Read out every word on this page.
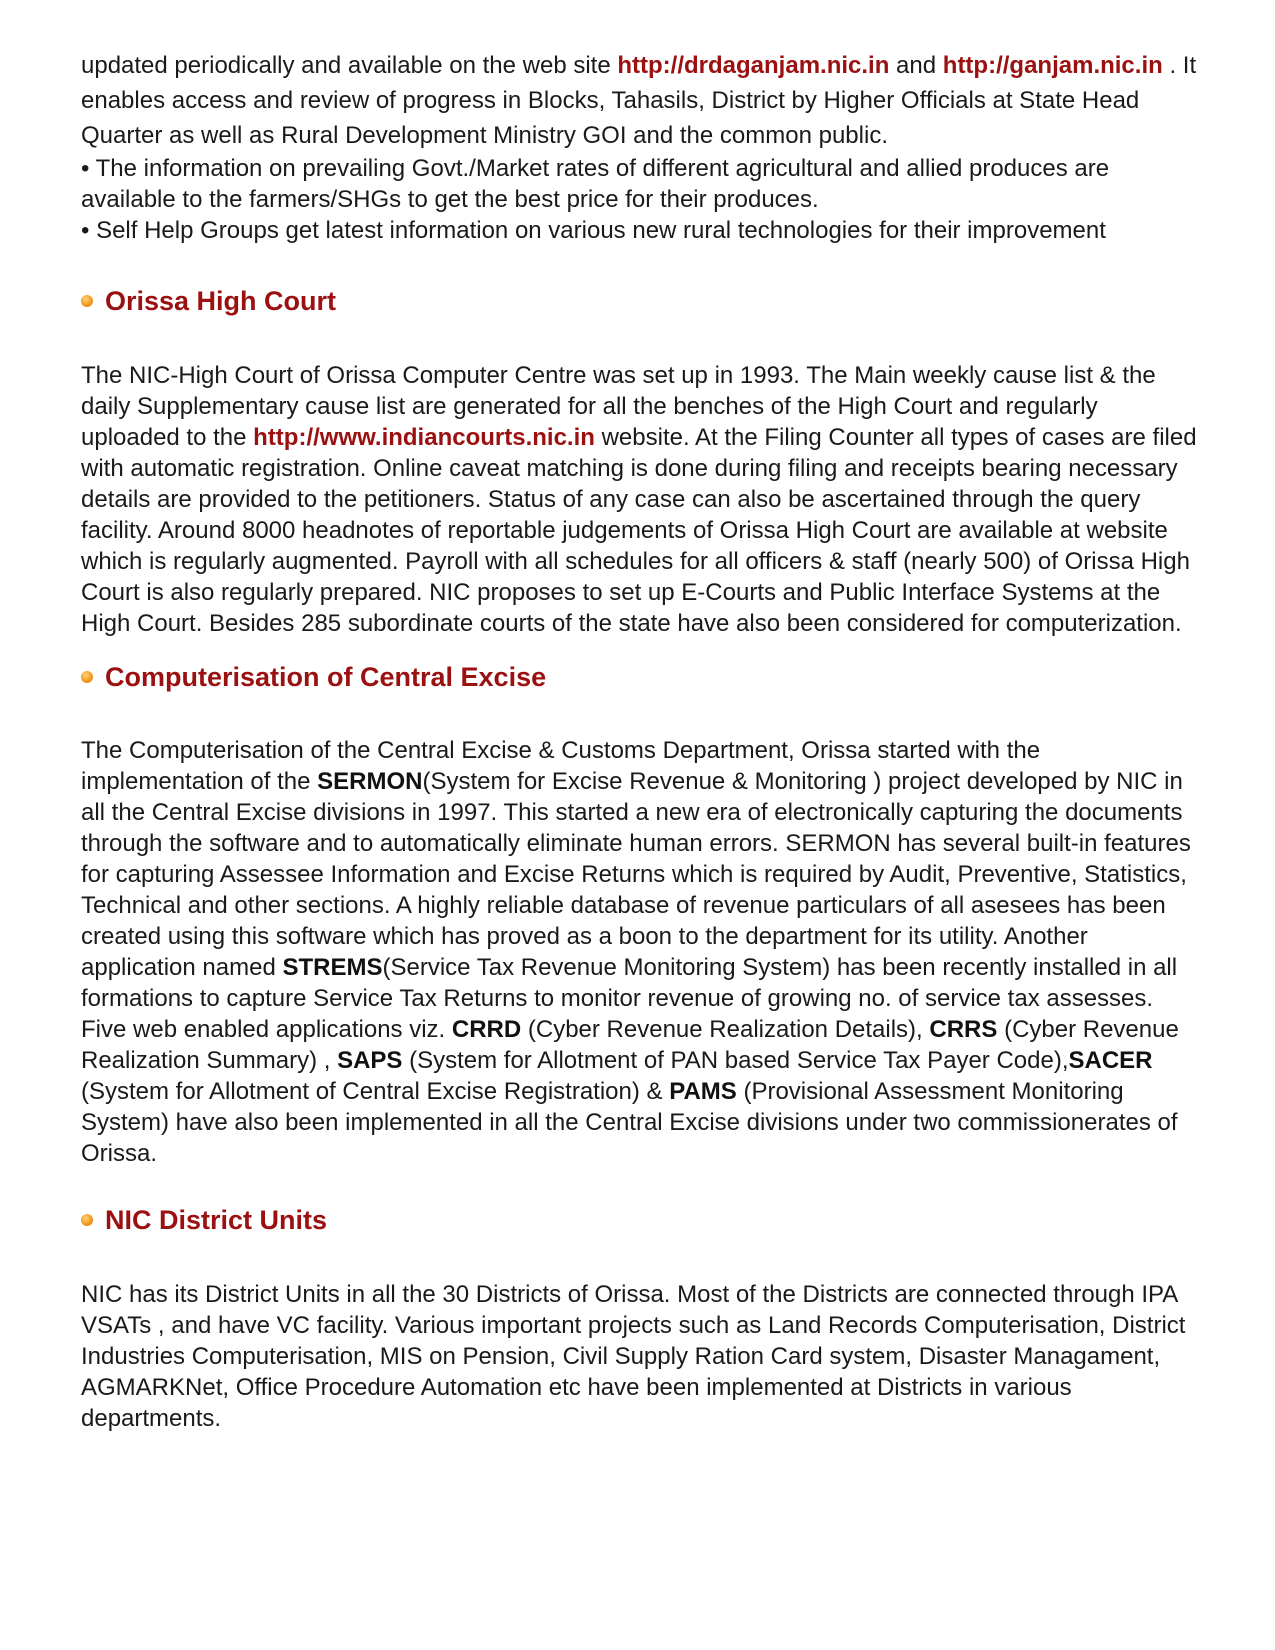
updated periodically and available on the web site http://drdaganjam.nic.in and http://ganjam.nic.in . It enables access and review of progress in Blocks, Tahasils, District by Higher Officials at State Head Quarter as well as Rural Development Ministry GOI and the common public.

• The information on prevailing Govt./Market rates of different agricultural and allied produces are available to the farmers/SHGs to get the best price for their produces.

• Self Help Groups get latest information on various new rural technologies for their improvement

Orissa High Court

The NIC-High Court of Orissa Computer Centre was set up in 1993. The Main weekly cause list & the daily Supplementary cause list are generated for all the benches of the High Court and regularly uploaded to the http://www.indiancourts.nic.in website. At the Filing Counter all types of cases are filed with automatic registration. Online caveat matching is done during filing and receipts bearing necessary details are provided to the petitioners. Status of any case can also be ascertained through the query facility. Around 8000 headnotes of reportable judgements of Orissa High Court are available at website which is regularly augmented. Payroll with all schedules for all officers & staff (nearly 500) of Orissa High Court is also regularly prepared. NIC proposes to set up E-Courts and Public Interface Systems at the High Court. Besides 285 subordinate courts of the state have also been considered for computerization.

Computerisation of Central Excise

The Computerisation of the Central Excise & Customs Department, Orissa started with the implementation of the SERMON(System for Excise Revenue & Monitoring ) project developed by NIC in all the Central Excise divisions in 1997. This started a new era of electronically capturing the documents through the software and to automatically eliminate human errors. SERMON has several built-in features for capturing Assessee Information and Excise Returns which is required by Audit, Preventive, Statistics, Technical and other sections. A highly reliable database of revenue particulars of all asesees has been created using this software which has proved as a boon to the department for its utility. Another application named STREMS(Service Tax Revenue Monitoring System) has been recently installed in all formations to capture Service Tax Returns to monitor revenue of growing no. of service tax assesses. Five web enabled applications viz. CRRD (Cyber Revenue Realization Details), CRRS (Cyber Revenue Realization Summary) , SAPS (System for Allotment of PAN based Service Tax Payer Code),SACER (System for Allotment of Central Excise Registration) & PAMS (Provisional Assessment Monitoring System) have also been implemented in all the Central Excise divisions under two commissionerates of Orissa.

NIC District Units

NIC has its District Units in all the 30 Districts of Orissa. Most of the Districts are connected through IPA VSATs , and have VC facility. Various important projects such as Land Records Computerisation, District Industries Computerisation, MIS on Pension, Civil Supply Ration Card system, Disaster Managament, AGMARKNet, Office Procedure Automation etc have been implemented at Districts in various departments.
